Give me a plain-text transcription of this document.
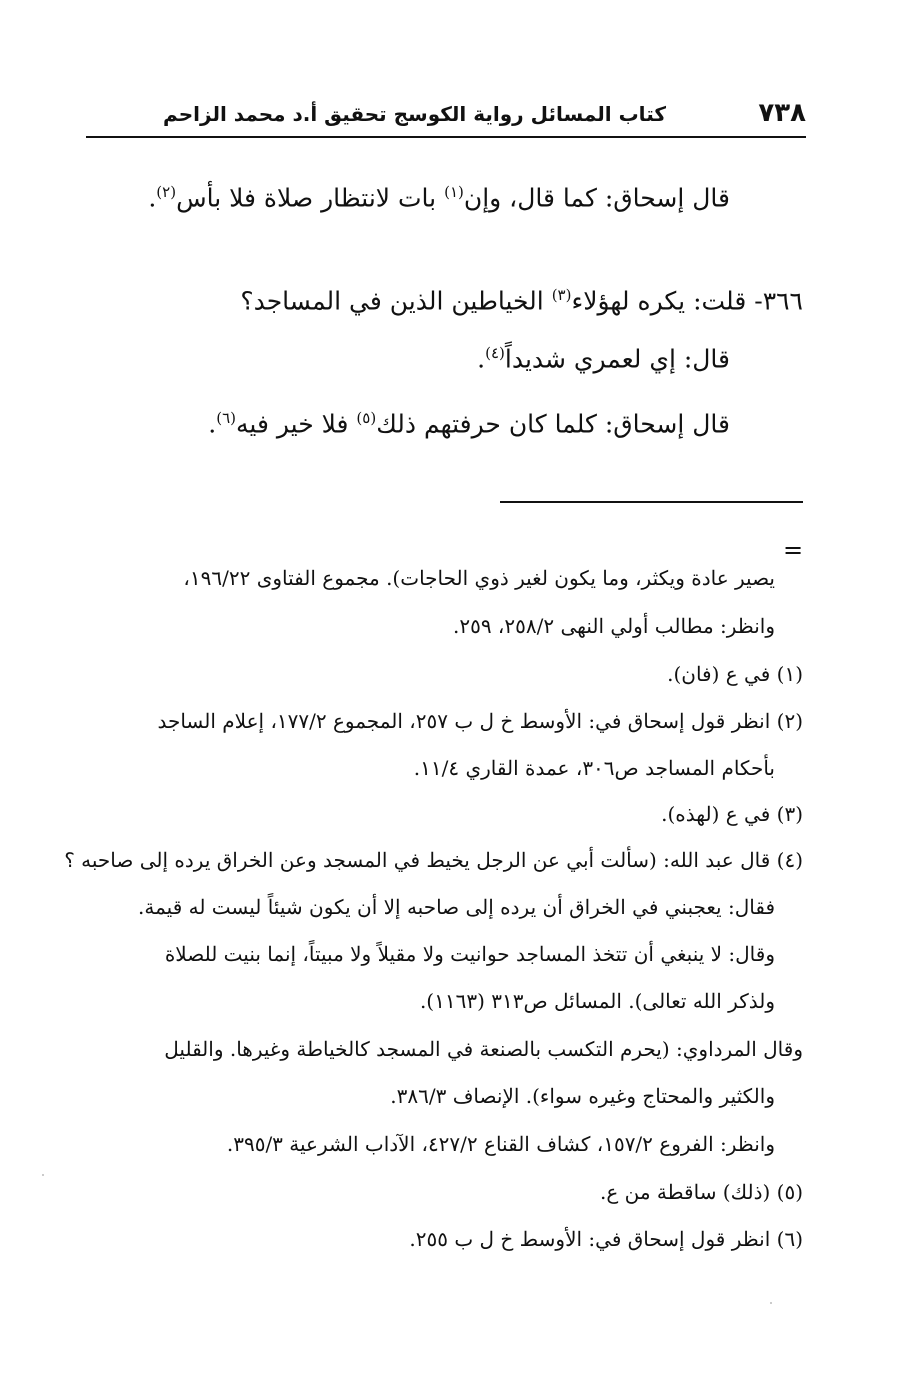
٧٣٨
كتاب المسائل رواية الكوسج تحقيق أ.د محمد الزاحم
قال إسحاق: كما قال، وإن$^{(١)}$ بات لانتظار صلاة فلا بأس$^{(٢)}$.
٣٦٦- قلت: يكره لهؤلاء$^{(٣)}$ الخياطين الذين في المساجد؟
قال: إي لعمري شديداً$^{(٤)}$.
قال إسحاق: كلما كان حرفتهم ذلك$^{(٥)}$ فلا خير فيه$^{(٦)}$.
=
يصير عادة ويكثر، وما يكون لغير ذوي الحاجات). مجموع الفتاوى ١٩٦/٢٢،
وانظر: مطالب أولي النهى ٢٥٨/٢، ٢٥٩.
(١) في ع (فان).
(٢) انظر قول إسحاق في: الأوسط خ ل ب ٢٥٧، المجموع ١٧٧/٢، إعلام الساجد
بأحكام المساجد ص٣٠٦، عمدة القاري ١١/٤.
(٣) في ع (لهذه).
(٤) قال عبد الله: (سألت أبي عن الرجل يخيط في المسجد وعن الخراق يرده إلى صاحبه ؟
فقال: يعجبني في الخراق أن يرده إلى صاحبه إلا أن يكون شيئاً ليست له قيمة.
وقال: لا ينبغي أن تتخذ المساجد حوانيت ولا مقيلاً ولا مبيتاً، إنما بنيت للصلاة
ولذكر الله تعالى). المسائل ص٣١٣ (١١٦٣).
وقال المرداوي: (يحرم التكسب بالصنعة في المسجد كالخياطة وغيرها. والقليل
والكثير والمحتاج وغيره سواء). الإنصاف ٣٨٦/٣.
وانظر: الفروع ١٥٧/٢، كشاف القناع ٤٢٧/٢، الآداب الشرعية ٣٩٥/٣.
(٥) (ذلك) ساقطة من ع.
(٦) انظر قول إسحاق في: الأوسط خ ل ب ٢٥٥.
